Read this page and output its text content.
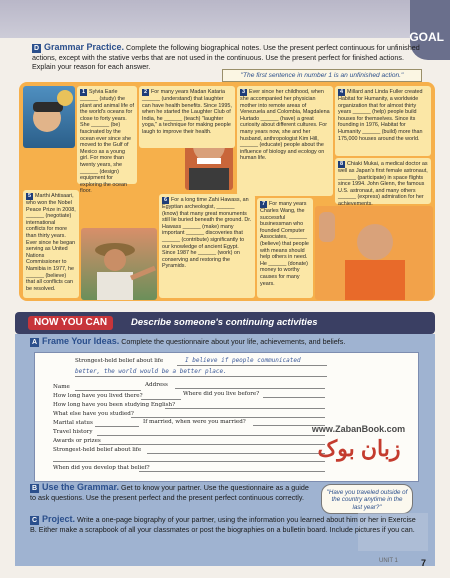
GOAL
D Grammar Practice. Complete the following biographical notes. Use the present perfect continuous for unfinished actions, except with the stative verbs that are not used in the continuous. Use the present perfect for finished actions. Explain your reason for each answer.
"The first sentence in number 1 is an unfinished action."
1 Sylvia Earle ______ (study) the plant and animal life of the world's oceans for close to forty years. She ______ (be) fascinated by the ocean ever since she moved to the Gulf of Mexico as a young girl. For more than twenty years, she ______ (design) equipment for exploring the ocean floor.
2 For many years Madan Kataria ______ (understand) that laughter can have health benefits. Since 1995, when he started the Laughter Club of India, he ______ (teach) "laughter yoga," a technique for making people laugh to improve their health.
3 Ever since her childhood, when she accompanied her physician mother into remote areas of Venezuela and Colombia, Magdalena Hurtado ______ (have) a great curiosity about different cultures. For many years now, she and her husband, anthropologist Kim Hill, ______ (educate) people about the influence of biology and ecology on human life.
4 Millard and Linda Fuller created Habitat for Humanity, a worldwide organization that for almost thirty years ______ (help) people build houses for themselves. Since its founding in 1976, Habitat for Humanity ______ (build) more than 175,000 houses around the world.
5 Marthi Ahtisaari, who won the Nobel Peace Prize in 2008, ______ (negotiate) international conflicts for more than thirty years. Ever since he began serving as United Nations Commissioner to Namibia in 1977, he ______ (believe) that all conflicts can be resolved.
6 For a long time Zahi Hawass, an Egyptian archeologist, ______ (know) that many great monuments still lie buried beneath the ground. Dr. Hawass ______ (make) many important ______ discoveries that ______ (contribute) significantly to our knowledge of ancient Egypt. Since 1987 he ______ (work) on conserving and restoring the Pyramids.
7 For many years Charles Wang, the successful businessman who founded Computer Associates, ______ (believe) that people with means should help others in need. He ______ (donate) money to worthy causes for many years.
8 Chiaki Mukai, a medical doctor as well as Japan's first female astronaut, ______ (participate) in space flights since 1994. John Glenn, the famous U.S. astronaut, and many others ______ (express) admiration for her achievements.
NOW YOU CAN	Describe someone's continuing activities
A Frame Your Ideas. Complete the questionnaire about your life, achievements, and beliefs.
Strongest-held belief about life	I believe if people communicated
better, the world would be a better place.
Name	Address
How long have you lived there?	Where did you live before?
How long have you been studying English?
What else have you studied?
Marital status	If married, when were you married?
Travel history
Awards or prizes
Strongest-held belief about life
When did you develop that belief?
www.ZabanBook.com
زبان بوک
B Use the Grammar. Get to know your partner. Use the questionnaire as a guide to ask questions. Use the present perfect and the present perfect continuous correctly.
"Have you traveled outside of the country anytime in the last year?"
C Project. Write a one-page biography of your partner, using the information you learned about him or her in Exercise B. Either make a scrapbook of all your classmates or post the biographies on a bulletin board. Include pictures if you can.
UNIT 1	7
